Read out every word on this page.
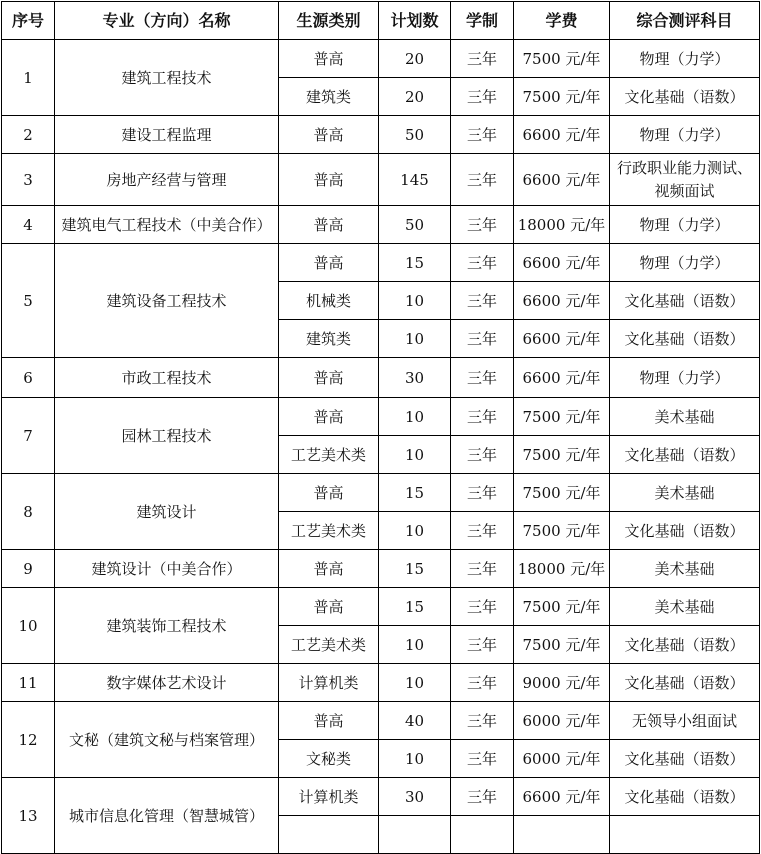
序号	专业（方向）名称	生源类别	计划数	学制	学费	综合测评科目
1	建筑工程技术	普高	20	三年	7500 元/年	物理（力学）
		建筑类	20	三年	7500 元/年	文化基础（语数）
2	建设工程监理	普高	50	三年	6600 元/年	物理（力学）
3	房地产经营与管理	普高	145	三年	6600 元/年	行政职业能力测试、视频面试
4	建筑电气工程技术（中美合作）	普高	50	三年	18000 元/年	物理（力学）
5	建筑设备工程技术	普高	15	三年	6600 元/年	物理（力学）
		机械类	10	三年	6600 元/年	文化基础（语数）
		建筑类	10	三年	6600 元/年	文化基础（语数）
6	市政工程技术	普高	30	三年	6600 元/年	物理（力学）
7	园林工程技术	普高	10	三年	7500 元/年	美术基础
		工艺美术类	10	三年	7500 元/年	文化基础（语数）
8	建筑设计	普高	15	三年	7500 元/年	美术基础
		工艺美术类	10	三年	7500 元/年	文化基础（语数）
9	建筑设计（中美合作）	普高	15	三年	18000 元/年	美术基础
10	建筑装饰工程技术	普高	15	三年	7500 元/年	美术基础
		工艺美术类	10	三年	7500 元/年	文化基础（语数）
11	数字媒体艺术设计	计算机类	10	三年	9000 元/年	文化基础（语数）
12	文秘（建筑文秘与档案管理）	普高	40	三年	6000 元/年	无领导小组面试
		文秘类	10	三年	6000 元/年	文化基础（语数）
13	城市信息化管理（智慧城管）	计算机类	30	三年	6600 元/年	文化基础（语数）
